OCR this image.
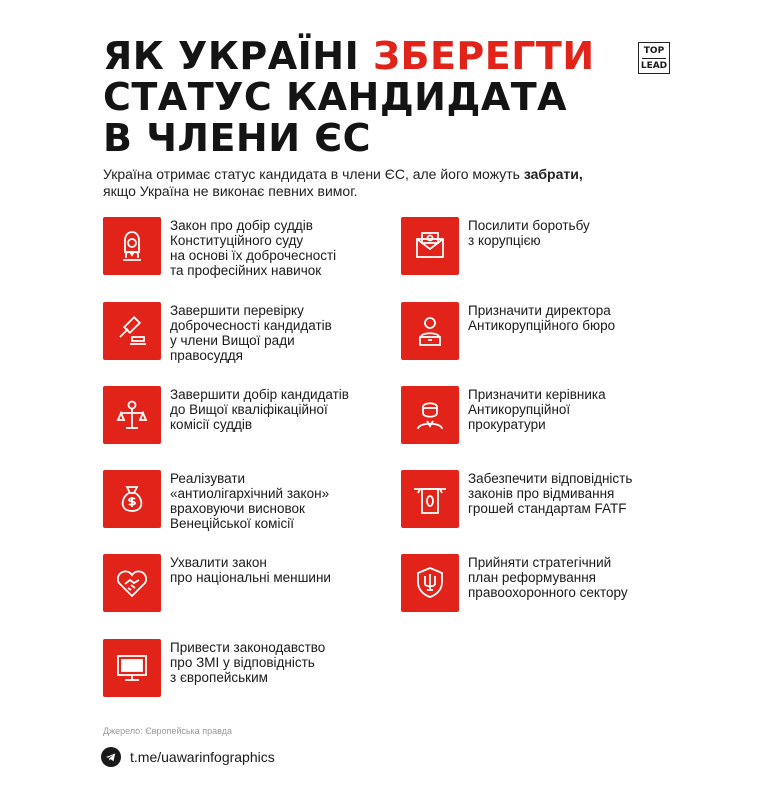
ЯК УКРАЇНІ ЗБЕРЕГТИ
СТАТУС КАНДИДАТА
В ЧЛЕНИ ЄС
TOP
LEAD
Україна отримає статус кандидата в члени ЄС, але його можуть забрати,
якщо Україна не виконає певних вимог.
Закон про добір суддів
Конституційного суду
на основі їх доброчесності
та професійних навичок
Посилити боротьбу
з корупцією
Завершити перевірку
доброчесності кандидатів
у члени Вищої ради
правосуддя
Призначити директора
Антикорупційного бюро
Завершити добір кандидатів
до Вищої кваліфікаційної
комісії суддів
Призначити керівника
Антикорупційної
прокуратури
Реалізувати
«антиолігархічний закон»
враховуючи висновок
Венеційської комісії
Забезпечити відповідність
законів про відмивання
грошей стандартам FATF
Ухвалити закон
про національні меншини
Прийняти стратегічний
план реформування
правоохоронного сектору
Привести законодавство
про ЗМІ у відповідність
з європейським
Джерело: Європейська правда
t.me/uawarinfographics
